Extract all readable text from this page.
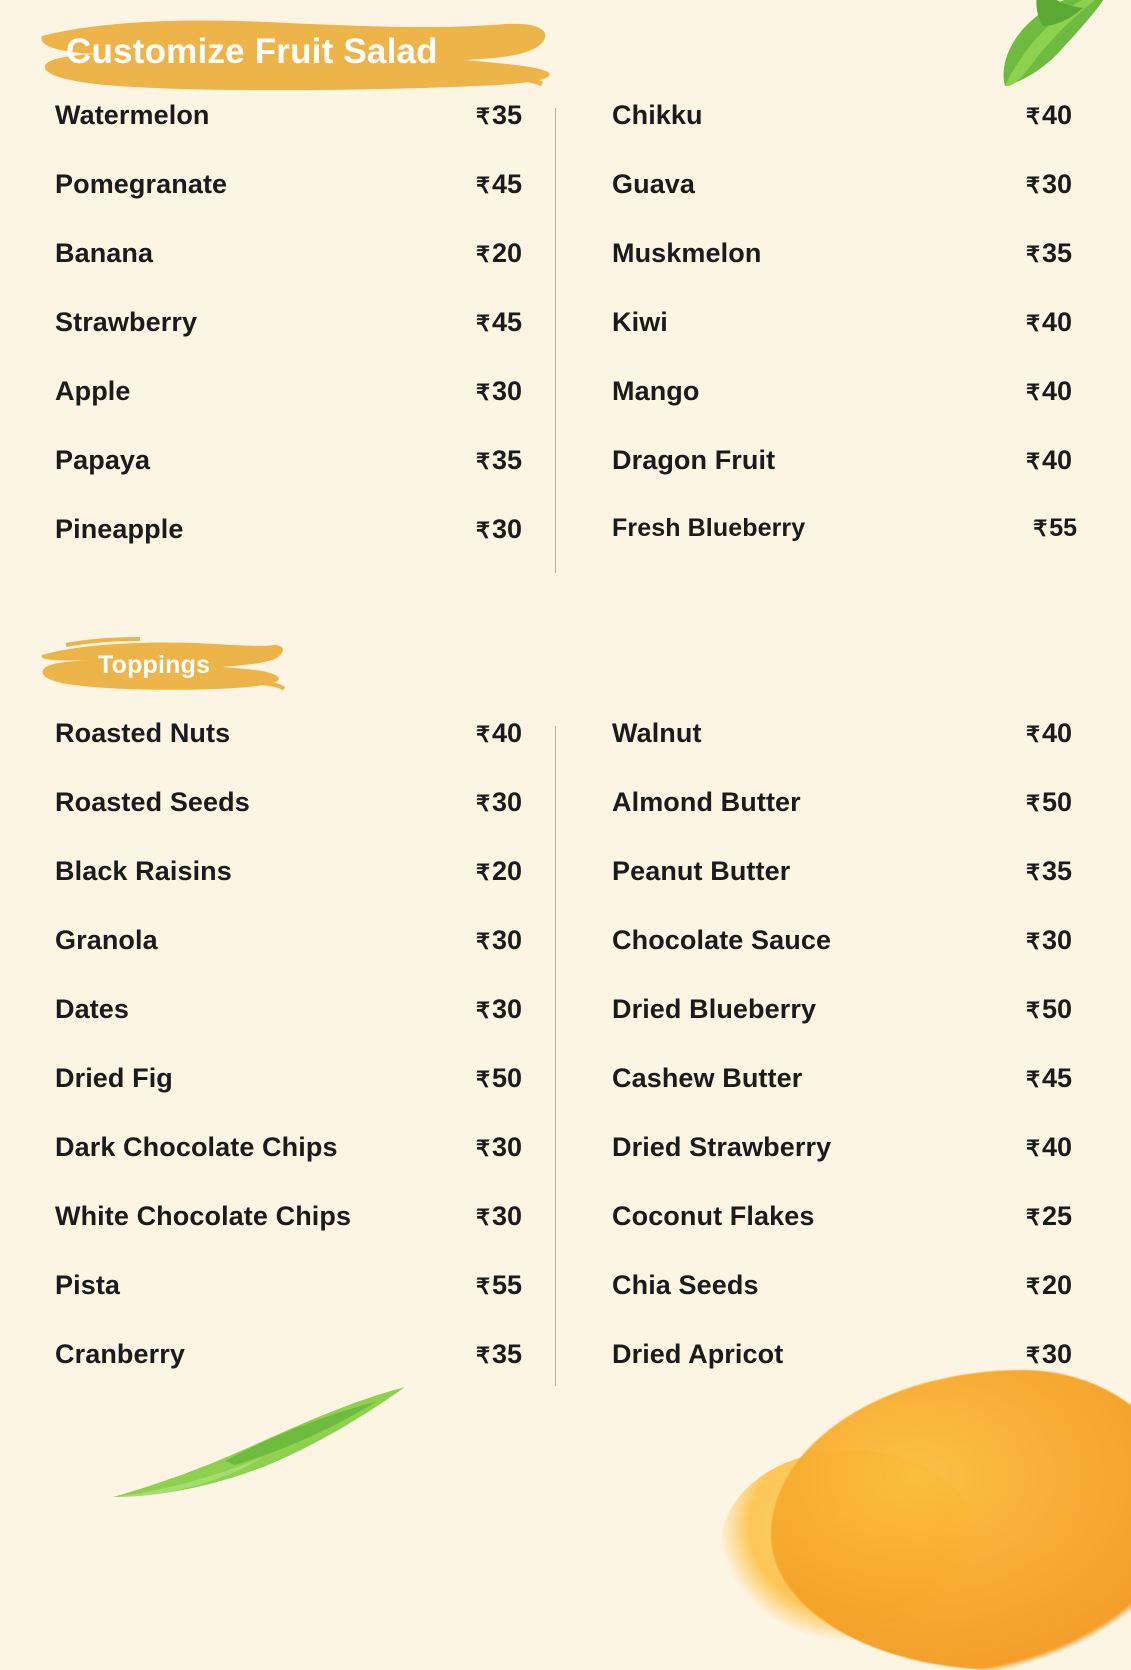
Customize Fruit Salad
Watermelon	₹35
Pomegranate	₹45
Banana	₹20
Strawberry	₹45
Apple	₹30
Papaya	₹35
Pineapple	₹30
Chikku	₹40
Guava	₹30
Muskmelon	₹35
Kiwi	₹40
Mango	₹40
Dragon Fruit	₹40
Fresh Blueberry	₹55
Toppings
Roasted Nuts	₹40
Roasted Seeds	₹30
Black Raisins	₹20
Granola	₹30
Dates	₹30
Dried Fig	₹50
Dark Chocolate Chips	₹30
White Chocolate Chips	₹30
Pista	₹55
Cranberry	₹35
Walnut	₹40
Almond Butter	₹50
Peanut Butter	₹35
Chocolate Sauce	₹30
Dried Blueberry	₹50
Cashew Butter	₹45
Dried Strawberry	₹40
Coconut Flakes	₹25
Chia Seeds	₹20
Dried Apricot	₹30
